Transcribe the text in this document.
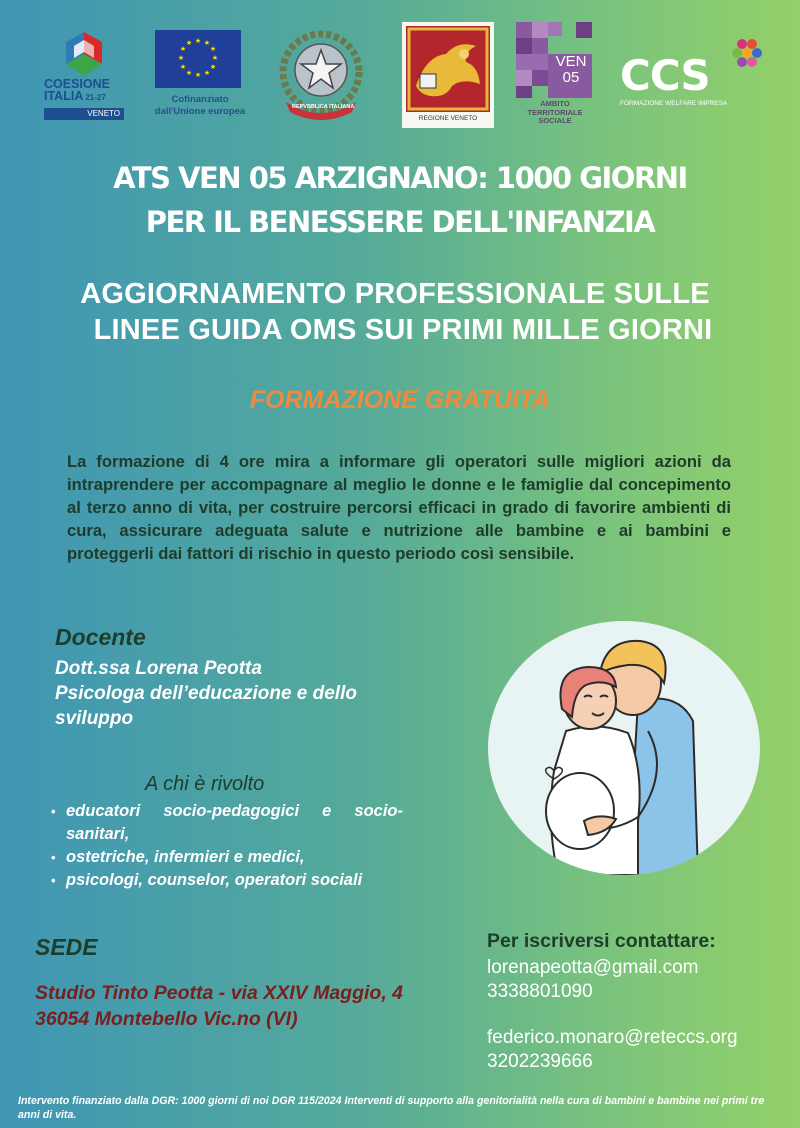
COESIONE
ITALIA 21-27
VENETO
★ ★
★
★
★
★
★
★
★
★
★
★
Cofinanziato
dall'Unione europea	REPVBBLICA ITALIANA
REGIONE VENETO
VEN
05
AMBITO
TERRITORIALE
SOCIALE
CCS
FORMAZIONE WELFARE IMPRESA
ATS VEN 05 ARZIGNANO: 1000 GIORNI
PER IL BENESSERE DELL'INFANZIA
AGGIORNAMENTO PROFESSIONALE SULLE
LINEE GUIDA OMS SUI PRIMI MILLE GIORNI
FORMAZIONE GRATUITA
La formazione di 4 ore mira a informare gli operatori sulle migliori azioni da intraprendere per accompagnare al meglio le donne e le famiglie dal concepimento al terzo anno di vita, per costruire percorsi efficaci in grado di favorire ambienti di cura, assicurare adeguata salute e nutrizione alle bambine e ai bambini e proteggerli dai fattori di rischio in questo periodo così sensibile.
Docente
Dott.ssa Lorena Peotta
Psicologa dell’educazione e dello sviluppo
A chi è rivolto
• educatori socio-pedagogici e socio-sanitari,
• ostetriche, infermieri e medici,
• psicologi, counselor, operatori sociali
SEDE
Studio Tinto Peotta - via XXIV Maggio, 4
36054 Montebello Vic.no (VI)
Per iscriversi contattare:
lorenapeotta@gmail.com
3338801090
federico.monaro@reteccs.org
3202239666
Intervento finanziato dalla DGR: 1000 giorni di noi DGR 115/2024 Interventi di supporto alla genitorialità nella cura di bambini e bambine nei primi tre anni di vita.
